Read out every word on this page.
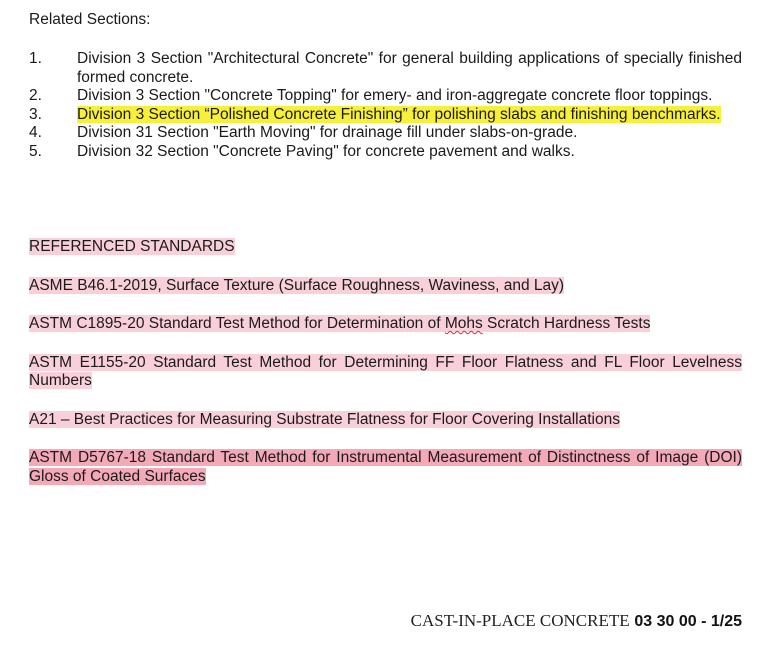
Related Sections:
1. Division 3 Section "Architectural Concrete" for general building applications of specially finished formed concrete.
2. Division 3 Section "Concrete Topping" for emery- and iron-aggregate concrete floor toppings.
3. Division 3 Section “Polished Concrete Finishing” for polishing slabs and finishing benchmarks.
4. Division 31 Section "Earth Moving" for drainage fill under slabs-on-grade.
5. Division 32 Section "Concrete Paving" for concrete pavement and walks.
REFERENCED STANDARDS
ASME B46.1-2019, Surface Texture (Surface Roughness, Waviness, and Lay)
ASTM C1895-20 Standard Test Method for Determination of Mohs Scratch Hardness Tests
ASTM E1155-20 Standard Test Method for Determining FF Floor Flatness and FL Floor Levelness Numbers
A21 – Best Practices for Measuring Substrate Flatness for Floor Covering Installations
ASTM D5767-18 Standard Test Method for Instrumental Measurement of Distinctness of Image (DOI) Gloss of Coated Surfaces
CAST-IN-PLACE CONCRETE 03 30 00 - 1/25
